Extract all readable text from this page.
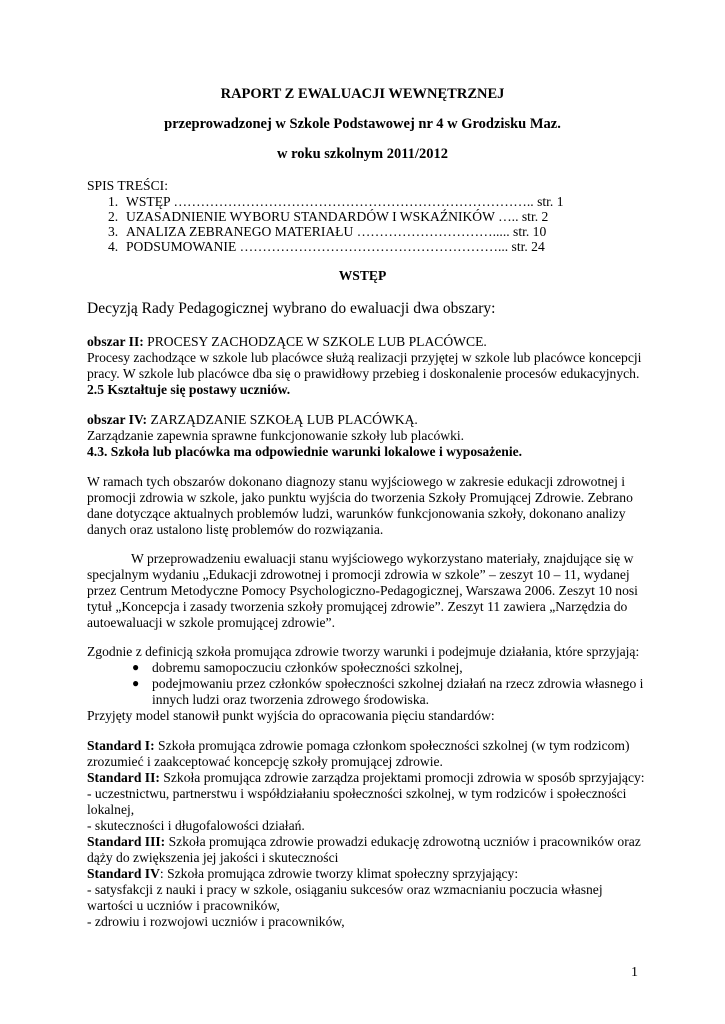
RAPORT Z EWALUACJI WEWNĘTRZNEJ
przeprowadzonej w Szkole Podstawowej nr 4 w Grodzisku Maz.
w roku szkolnym 2011/2012
SPIS TREŚCI:
1. WSTĘP …………………………………………………………………….. str. 1
2. UZASADNIENIE WYBORU STANDARDÓW I WSKAŹNIKÓW ….. str. 2
3. ANALIZA ZEBRANEGO MATERIAŁU …………………………..... str. 10
4. PODSUMOWANIE …………………………………………………... str. 24
WSTĘP
Decyzją Rady Pedagogicznej wybrano do ewaluacji dwa obszary:
obszar II: PROCESY ZACHODZĄCE W SZKOLE LUB PLACÓWCE.
Procesy zachodzące w szkole lub placówce służą realizacji przyjętej w szkole lub placówce koncepcji
pracy. W szkole lub placówce dba się o prawidłowy przebieg i doskonalenie procesów edukacyjnych.
2.5 Kształtuje się postawy uczniów.
obszar IV: ZARZĄDZANIE SZKOŁĄ LUB PLACÓWKĄ.
Zarządzanie zapewnia sprawne funkcjonowanie szkoły lub placówki.
4.3. Szkoła lub placówka ma odpowiednie warunki lokalowe i wyposażenie.
W ramach tych obszarów dokonano diagnozy stanu wyjściowego w zakresie edukacji zdrowotnej i
promocji zdrowia w szkole, jako punktu wyjścia do tworzenia Szkoły Promującej Zdrowie. Zebrano
dane dotyczące aktualnych problemów ludzi, warunków funkcjonowania szkoły, dokonano analizy
danych oraz ustalono listę problemów do rozwiązania.
W przeprowadzeniu ewaluacji stanu wyjściowego wykorzystano materiały, znajdujące się w
specjalnym wydaniu „Edukacji zdrowotnej i promocji zdrowia w szkole” – zeszyt 10 – 11, wydanej
przez Centrum Metodyczne Pomocy Psychologiczno-Pedagogicznej, Warszawa 2006. Zeszyt 10 nosi
tytuł „Koncepcja i zasady tworzenia szkoły promującej zdrowie”. Zeszyt 11 zawiera „Narzędzia do
autoewaluacji w szkole promującej zdrowie”.
Zgodnie z definicją szkoła promująca zdrowie tworzy warunki i podejmuje działania, które sprzyjają:
● dobremu samopoczuciu członków społeczności szkolnej,
● podejmowaniu przez członków społeczności szkolnej działań na rzecz zdrowia własnego i
innych ludzi oraz tworzenia zdrowego środowiska.
Przyjęty model stanowił punkt wyjścia do opracowania pięciu standardów:
Standard I: Szkoła promująca zdrowie pomaga członkom społeczności szkolnej (w tym rodzicom)
zrozumieć i zaakceptować koncepcję szkoły promującej zdrowie.
Standard II: Szkoła promująca zdrowie zarządza projektami promocji zdrowia w sposób sprzyjający:
- uczestnictwu, partnerstwu i współdziałaniu społeczności szkolnej, w tym rodziców i społeczności
lokalnej,
- skuteczności i długofalowości działań.
Standard III: Szkoła promująca zdrowie prowadzi edukację zdrowotną uczniów i pracowników oraz
dąży do zwiększenia jej jakości i skuteczności
Standard IV: Szkoła promująca zdrowie tworzy klimat społeczny sprzyjający:
- satysfakcji z nauki i pracy w szkole, osiąganiu sukcesów oraz wzmacnianiu poczucia własnej
wartości u uczniów i pracowników,
- zdrowiu i rozwojowi uczniów i pracowników,
1
